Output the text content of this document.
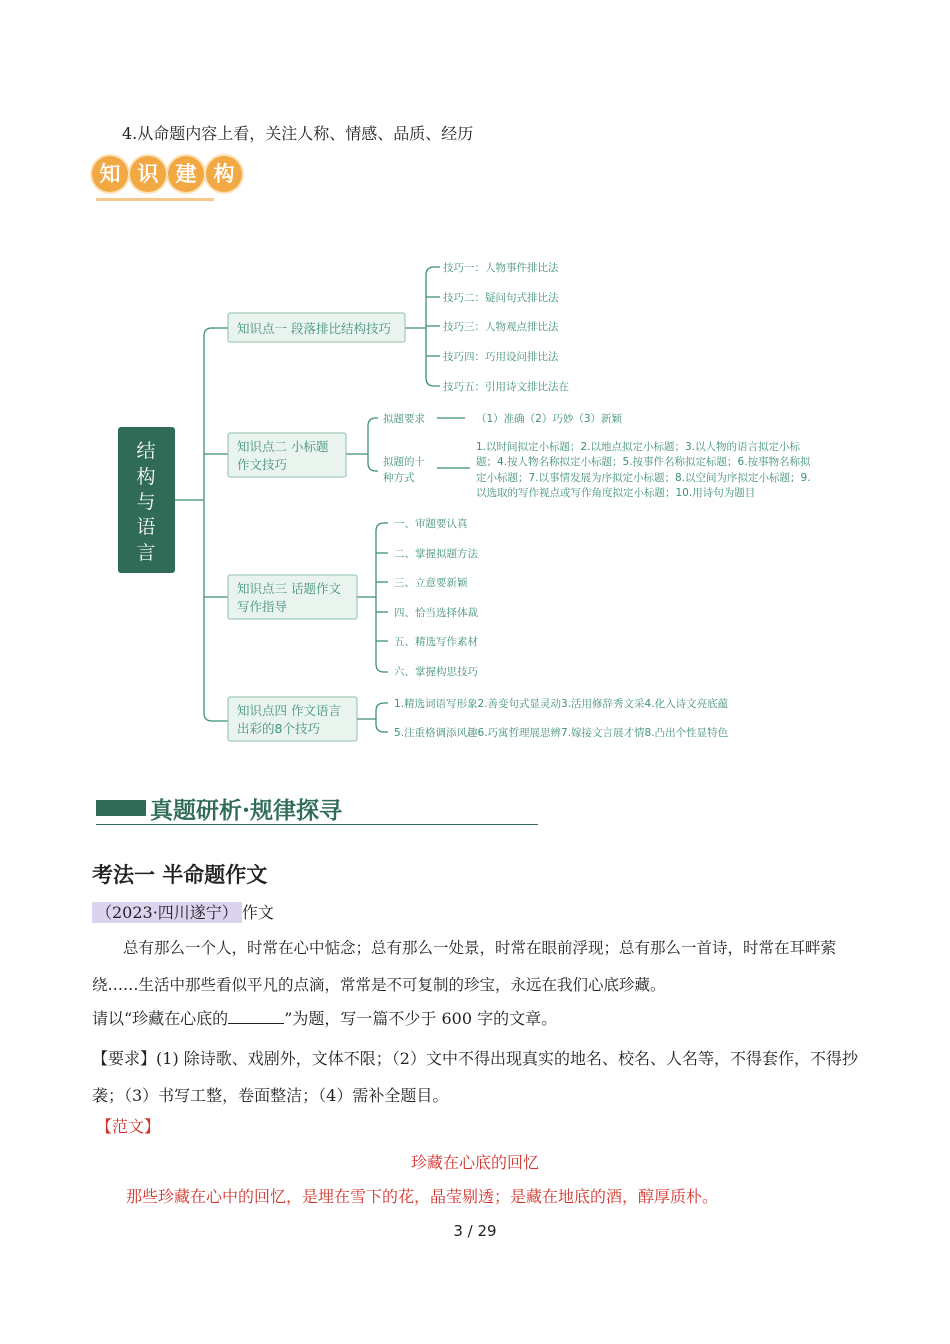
4.从命题内容上看，关注人称、情感、品质、经历
知 识 建 构
结
构
与
语
言
知识点一 段落排比结构技巧
知识点二 小标题
作文技巧
知识点三 话题作文
写作指导
知识点四 作文语言
出彩的8个技巧
技巧一：人物事件排比法
技巧二：疑问句式排比法
技巧三：人物观点排比法
技巧四：巧用设问排比法
技巧五：引用诗文排比法在
拟题要求	（1）准确（2）巧妙（3）新颖
拟题的十
种方式
1.以时间拟定小标题；2.以地点拟定小标题；3.以人物的语言拟定小标
题；4.按人物名称拟定小标题；5.按事件名称拟定标题；6.按事物名称拟
定小标题；7.以事情发展为序拟定小标题；8.以空间为序拟定小标题；9.
以选取的写作视点或写作角度拟定小标题；10.用诗句为题目
一、审题要认真
二、掌握拟题方法
三、立意要新颖
四、恰当选择体裁
五、精选写作素材
六、掌握构思技巧
1.精选词语写形象2.善变句式显灵动3.活用修辞秀文采4.化入诗文亮底蕴
5.注重格调添风趣6.巧寓哲理展思辨7.嫁接文言展才情8.凸出个性显特色
真题研析·规律探寻
考法一 半命题作文
（2023·四川遂宁） 作文
总有那么一个人，时常在心中惦念；总有那么一处景，时常在眼前浮现；总有那么一首诗，时常在耳畔萦绕……生活中那些看似平凡的点滴，常常是不可复制的珍宝，永远在我们心底珍藏。
请以“珍藏在心底的	”为题，写一篇不少于 600 字的文章。
【要求】(1) 除诗歌、戏剧外，文体不限；（2）文中不得出现真实的地名、校名、人名等，不得套作，不得抄袭；（3）书写工整，卷面整洁；（4）需补全题目。
【范文】
珍藏在心底的回忆
那些珍藏在心中的回忆，是埋在雪下的花，晶莹剔透；是藏在地底的酒，醇厚质朴。
3 / 29
